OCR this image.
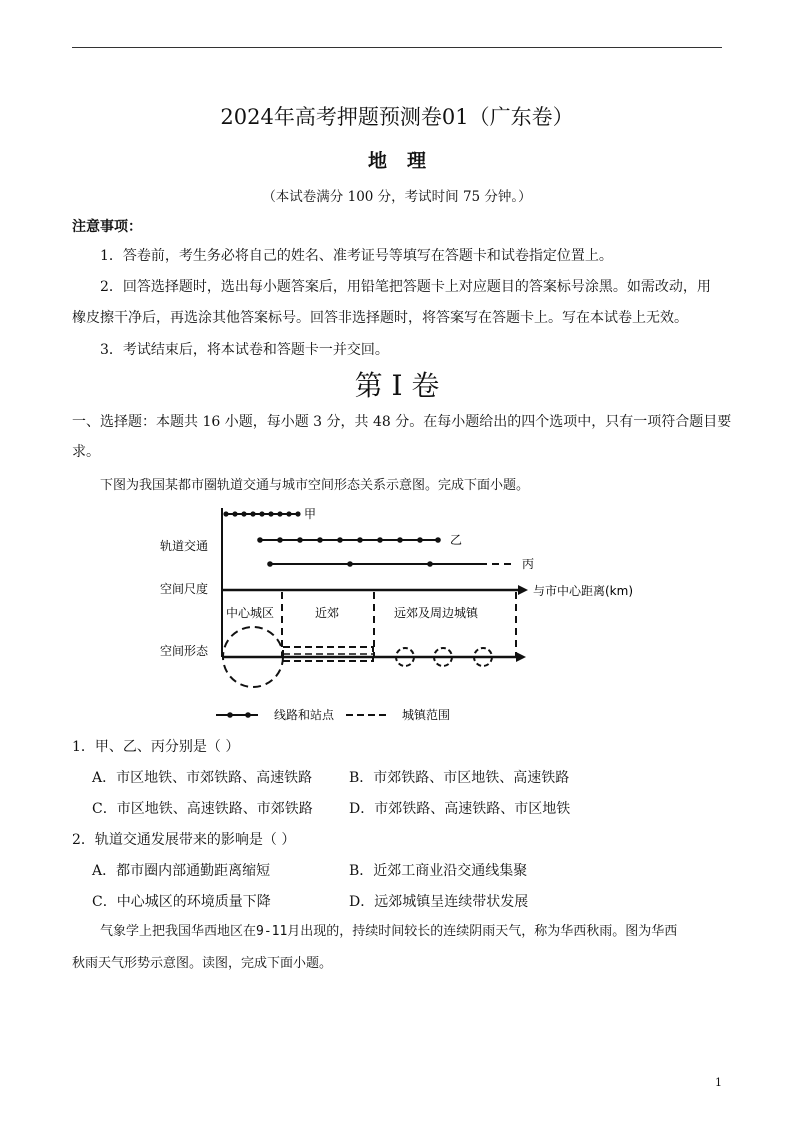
2024年高考押题预测卷01（广东卷）
地理
（本试卷满分 100 分，考试时间 75 分钟。）
注意事项：
1．答卷前，考生务必将自己的姓名、准考证号等填写在答题卡和试卷指定位置上。
2．回答选择题时，选出每小题答案后，用铅笔把答题卡上对应题目的答案标号涂黑。如需改动，用
橡皮擦干净后，再选涂其他答案标号。回答非选择题时，将答案写在答题卡上。写在本试卷上无效。
3．考试结束后，将本试卷和答题卡一并交回。
第 I 卷
一、选择题：本题共 16 小题，每小题 3 分，共 48 分。在每小题给出的四个选项中，只有一项符合题目要
求。
下图为我国某都市圈轨道交通与城市空间形态关系示意图。完成下面小题。
甲
乙
丙
轨道交通
空间尺度
空间形态
与市中心距离(km)
中心城区	近郊	远郊及周边城镇
线路和站点	城镇范围
1．甲、乙、丙分别是（ ）
A．市区地铁、市郊铁路、高速铁路	B．市郊铁路、市区地铁、高速铁路
C．市区地铁、高速铁路、市郊铁路	D．市郊铁路、高速铁路、市区地铁
2．轨道交通发展带来的影响是（ ）
A．都市圈内部通勤距离缩短	B．近郊工商业沿交通线集聚
C．中心城区的环境质量下降	D．远郊城镇呈连续带状发展
气象学上把我国华西地区在9-11月出现的，持续时间较长的连续阴雨天气，称为华西秋雨。图为华西
秋雨天气形势示意图。读图，完成下面小题。
1
